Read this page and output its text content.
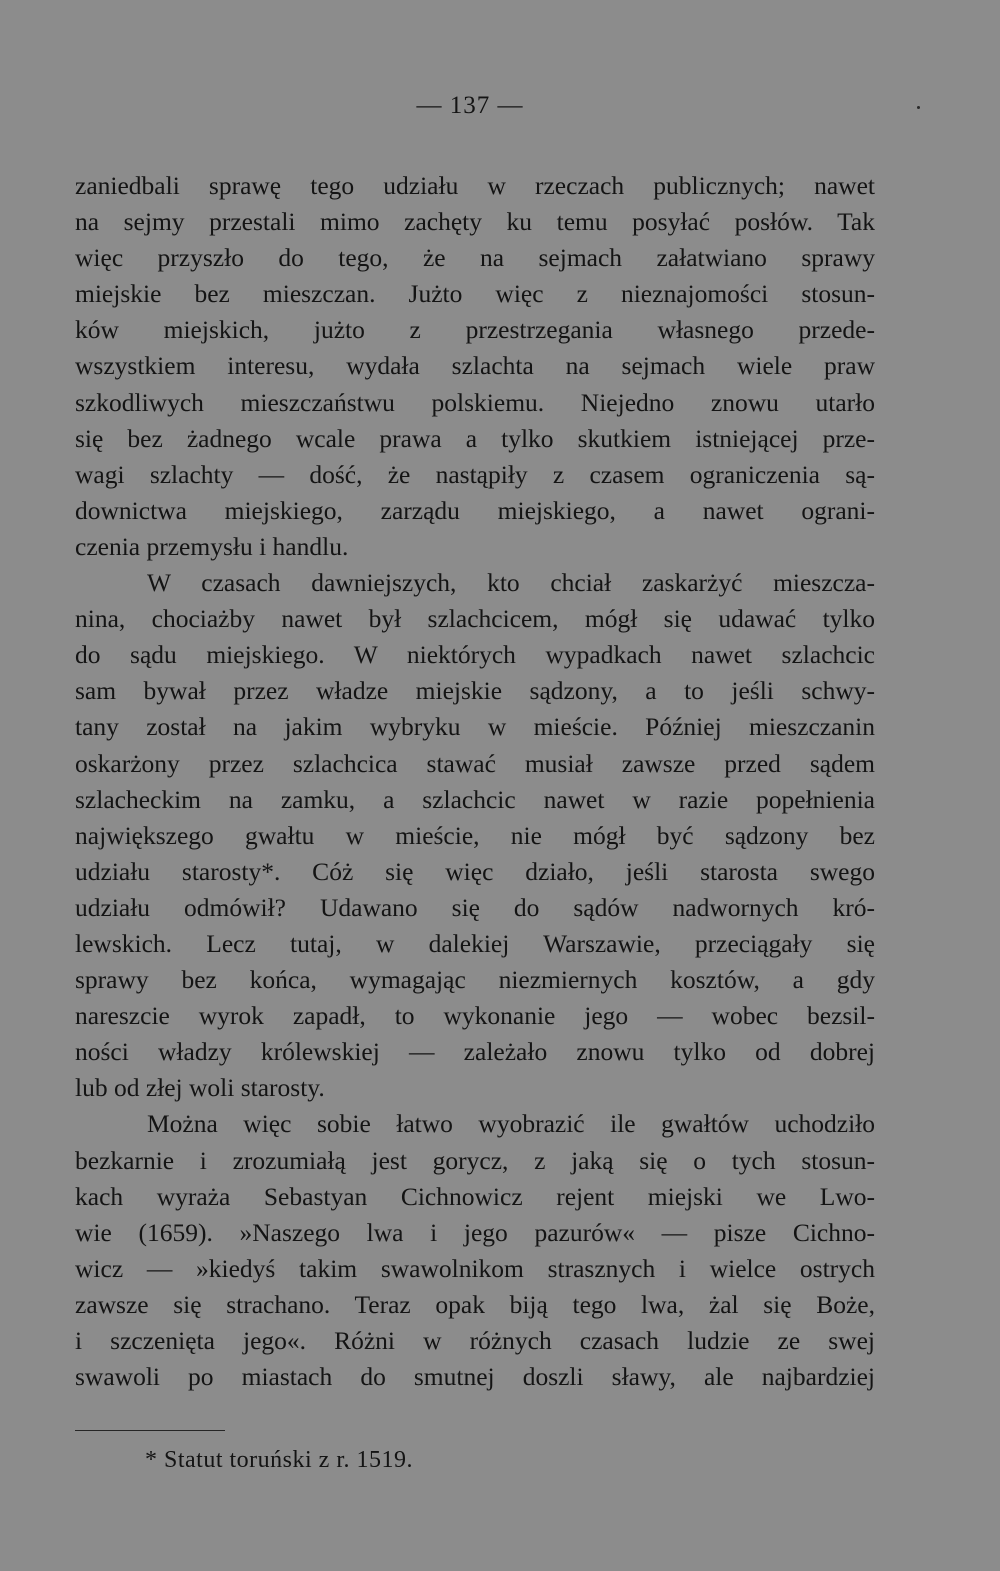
— 137 —
zaniedbali sprawę tego udziału w rzeczach publicznych; nawet
na sejmy przestali mimo zachęty ku temu posyłać posłów. Tak
więc przyszło do tego, że na sejmach załatwiano sprawy
miejskie bez mieszczan. Jużto więc z nieznajomości stosun-
ków miejskich, jużto z przestrzegania własnego przede-
wszystkiem interesu, wydała szlachta na sejmach wiele praw
szkodliwych mieszczaństwu polskiemu. Niejedno znowu utarło
się bez żadnego wcale prawa a tylko skutkiem istniejącej prze-
wagi szlachty — dość, że nastąpiły z czasem ograniczenia są-
downictwa miejskiego, zarządu miejskiego, a nawet ograni-
czenia przemysłu i handlu.
W czasach dawniejszych, kto chciał zaskarżyć mieszcza-
nina, chociażby nawet był szlachcicem, mógł się udawać tylko
do sądu miejskiego. W niektórych wypadkach nawet szlachcic
sam bywał przez władze miejskie sądzony, a to jeśli schwy-
tany został na jakim wybryku w mieście. Później mieszczanin
oskarżony przez szlachcica stawać musiał zawsze przed sądem
szlacheckim na zamku, a szlachcic nawet w razie popełnienia
największego gwałtu w mieście, nie mógł być sądzony bez
udziału starosty*. Cóż się więc działo, jeśli starosta swego
udziału odmówił? Udawano się do sądów nadwornych kró-
lewskich. Lecz tutaj, w dalekiej Warszawie, przeciągały się
sprawy bez końca, wymagając niezmiernych kosztów, a gdy
nareszcie wyrok zapadł, to wykonanie jego — wobec bezsil-
ności władzy królewskiej — zależało znowu tylko od dobrej
lub od złej woli starosty.
Można więc sobie łatwo wyobrazić ile gwałtów uchodziło
bezkarnie i zrozumiałą jest gorycz, z jaką się o tych stosun-
kach wyraża Sebastyan Cichnowicz rejent miejski we Lwo-
wie (1659). »Naszego lwa i jego pazurów« — pisze Cichno-
wicz — »kiedyś takim swawolnikom strasznych i wielce ostrych
zawsze się strachano. Teraz opak biją tego lwa, żal się Boże,
i szczenięta jego«. Różni w różnych czasach ludzie ze swej
swawoli po miastach do smutnej doszli sławy, ale najbardziej
* Statut toruński z r. 1519.
